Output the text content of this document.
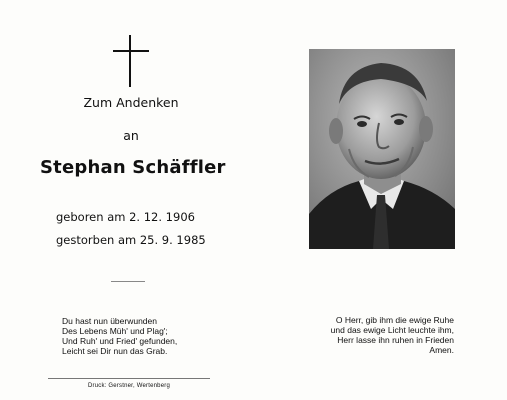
Zum Andenken
an
Stephan Schäffler
geboren am 2. 12. 1906
gestorben am 25. 9. 1985
Du hast nun überwunden
Des Lebens Müh' und Plag';
Und Ruh' und Fried' gefunden,
Leicht sei Dir nun das Grab.
O Herr, gib ihm die ewige Ruhe
und das ewige Licht leuchte ihm,
Herr lasse ihn ruhen in Frieden
Amen.
Druck: Gerstner, Wertenberg
